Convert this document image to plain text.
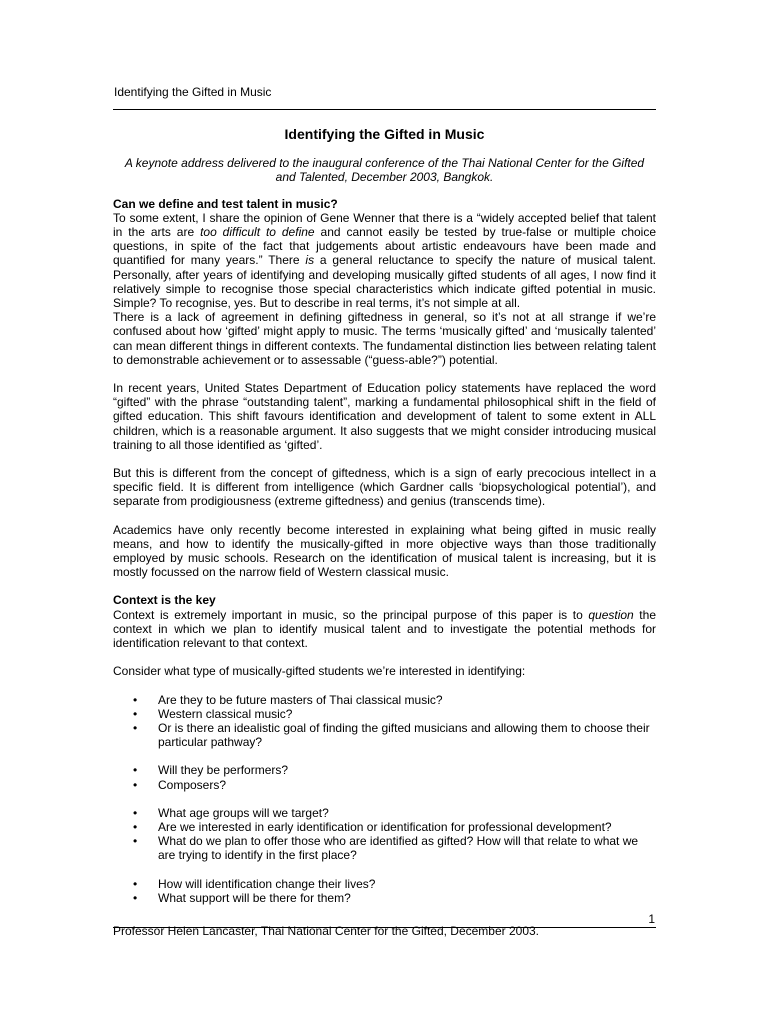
Identifying the Gifted in Music
Identifying the Gifted in Music
A keynote address delivered to the inaugural conference of the Thai National Center for the Gifted and Talented, December 2003, Bangkok.
Can we define and test talent in music?

To some extent, I share the opinion of Gene Wenner that there is a “widely accepted belief that talent in the arts are too difficult to define and cannot easily be tested by true-false or multiple choice questions, in spite of the fact that judgements about artistic endeavours have been made and quantified for many years.” There is a general reluctance to specify the nature of musical talent. Personally, after years of identifying and developing musically gifted students of all ages, I now find it relatively simple to recognise those special characteristics which indicate gifted potential in music. Simple? To recognise, yes. But to describe in real terms, it’s not simple at all.

There is a lack of agreement in defining giftedness in general, so it’s not at all strange if we’re confused about how ‘gifted’ might apply to music. The terms ‘musically gifted’ and ‘musically talented’ can mean different things in different contexts. The fundamental distinction lies between relating talent to demonstrable achievement or to assessable (“guess-able?”) potential.

In recent years, United States Department of Education policy statements have replaced the word “gifted” with the phrase “outstanding talent”, marking a fundamental philosophical shift in the field of gifted education. This shift favours identification and development of talent to some extent in ALL children, which is a reasonable argument. It also suggests that we might consider introducing musical training to all those identified as ‘gifted’.

But this is different from the concept of giftedness, which is a sign of early precocious intellect in a specific field. It is different from intelligence (which Gardner calls ‘biopsychological potential’), and separate from prodigiousness (extreme giftedness) and genius (transcends time).

Academics have only recently become interested in explaining what being gifted in music really means, and how to identify the musically-gifted in more objective ways than those traditionally employed by music schools. Research on the identification of musical talent is increasing, but it is mostly focussed on the narrow field of Western classical music.

Context is the key

Context is extremely important in music, so the principal purpose of this paper is to question the context in which we plan to identify musical talent and to investigate the potential methods for identification relevant to that context.

Consider what type of musically-gifted students we’re interested in identifying:

• Are they to be future masters of Thai classical music?
• Western classical music?
• Or is there an idealistic goal of finding the gifted musicians and allowing them to choose their particular pathway?
• Will they be performers?
• Composers?
• What age groups will we target?
• Are we interested in early identification or identification for professional development?
• What do we plan to offer those who are identified as gifted? How will that relate to what we are trying to identify in the first place?
• How will identification change their lives?
• What support will be there for them?
1
Professor Helen Lancaster, Thai National Center for the Gifted, December 2003.
